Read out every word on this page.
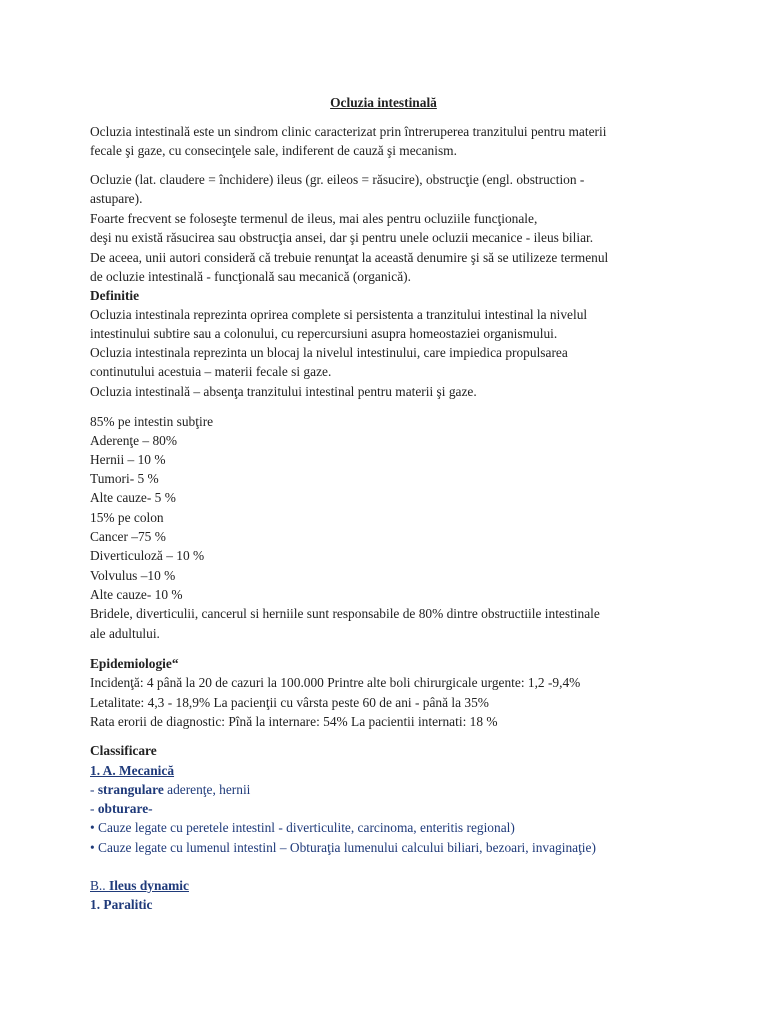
Ocluzia intestinală
Ocluzia intestinală este un sindrom clinic caracterizat prin întreruperea tranzitului pentru materii
fecale şi gaze, cu consecinţele sale, indiferent de cauză şi mecanism.
Ocluzie (lat. claudere = închidere) ileus (gr. eileos = răsucire), obstrucţie (engl. obstruction -
astupare).
Foarte frecvent se foloseşte termenul de ileus, mai ales pentru ocluziile funcţionale,
deşi nu există răsucirea sau obstrucţia ansei, dar şi pentru unele ocluzii mecanice - ileus biliar.
De aceea, unii autori consideră că trebuie renunţat la această denumire şi să se utilizeze termenul
de ocluzie intestinală - funcţională sau mecanică (organică).
Definitie
Ocluzia intestinala reprezinta oprirea complete si persistenta a tranzitului intestinal la nivelul
intestinului subtire sau a colonului, cu repercursiuni asupra homeostaziei organismului.
Ocluzia intestinala reprezinta un blocaj la nivelul intestinului, care impiedica propulsarea
continutului acestuia – materii fecale si gaze.
Ocluzia intestinală – absenţa tranzitului intestinal pentru materii şi gaze.
85% pe intestin subţire
Aderenţe – 80%
Hernii – 10 %
Tumori- 5 %
Alte cauze- 5 %
15% pe colon
Cancer –75 %
Diverticuloză – 10 %
Volvulus –10 %
Alte cauze- 10 %
Bridele, diverticulii, cancerul si herniile sunt responsabile de 80% dintre obstructiile intestinale
ale adultului.
Epidemiologie“
Incidenţă: 4 până la 20 de cazuri la 100.000 Printre alte boli chirurgicale urgente: 1,2 -9,4%
Letalitate: 4,3 - 18,9% La pacienţii cu vârsta peste 60 de ani - până la 35%
Rata erorii de diagnostic: Pînă la internare: 54% La pacientii internati: 18 %
Classificare
1. A. Mecanică
- strangulare aderenţe, hernii
- obturare-
• Cauze legate cu peretele intestinl - diverticulite, carcinoma, enteritis regional)
• Cauze legate cu lumenul intestinl – Obturaţia lumenului calcului biliari, bezoari, invaginaţie)
B.. Ileus dynamic
1. Paralitic
